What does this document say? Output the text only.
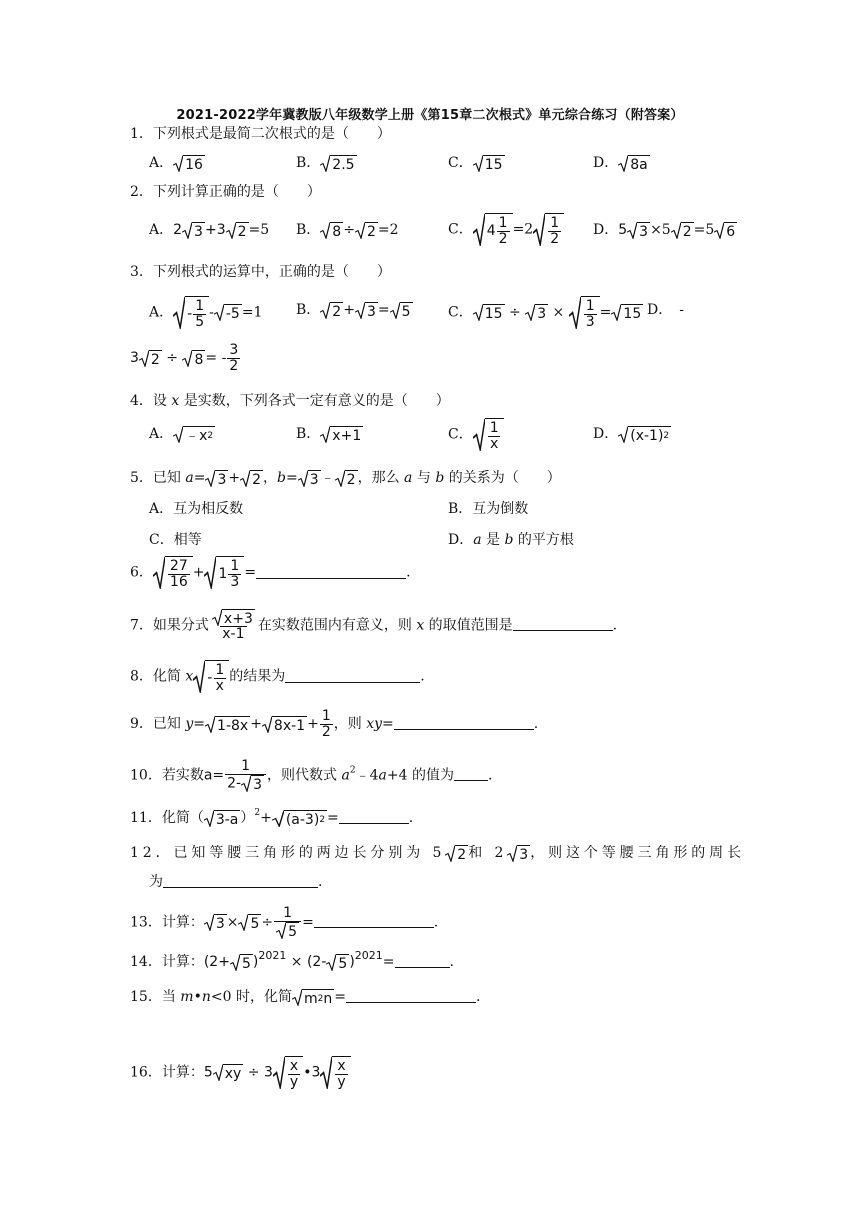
2021-2022学年冀教版八年级数学上册《第15章二次根式》单元综合练习（附答案）
1．下列根式是最简二次根式的是（　　）
A． 16	B． 2.5	C． 15	D． 8a
2．下列计算正确的是（　　）
A．2 3 +3 2 =5 B． 8 ÷ 2 =2	C． 4
1
2
=2 1
2
D．5 3 ×5 2 =5 6
3．下列根式的运算中，正确的是（　　）
A． -
1
5
- -5 =1 B． 2 + 3 = 5	C． 15 ÷ 3 × 1
3
= 15 D．　-
3 2 ÷ 8 = - $\frac{3}{2}$
4．设 x 是实数，下列各式一定有意义的是（　　）
A． ﹣x 2	B． x+1	C． 1
x
D． (x-1) 2
5．已知 a= 3 + 2 ，b= 3 ﹣ 2 ，那么 a 与 b 的关系为（　　）
A．互为相反数	B．互为倒数
C．相等	D．a 是 b 的平方根
6． 27
16
+ 1
1
3
=	.
7．如果分式 $\frac{x+3}{x-1}$ 在实数范围内有意义，则 x 的取值范围是	.
8．化简 x -
1
x
的结果为	.
9．已知 $y= 1-8x + 8x-1 + \frac{1}{2}$ ，则 xy=	.
10．若实数$a= \frac{1}{2- 3}$ ，则代数式 $a^2﹣4a+4$ 的值为 .
11．化简（ 3-a ）$^2$+ (a-3) 2 =	.
12．已知等腰三角形的两边长分别为 5 2 和 2 3 ，则这个等腰三角形的周长
为	.
13．计算： $3 \times 5 \div \frac{1}{5}$ =	.
14．计算：(2+ 5 )$^{2021}$ × (2- 5 )$^{2021}$=	.
15．当 m•n<0 时，化简 m 2 n =	.
16．计算：5 xy ÷ 3 x
y
•3 x
y
